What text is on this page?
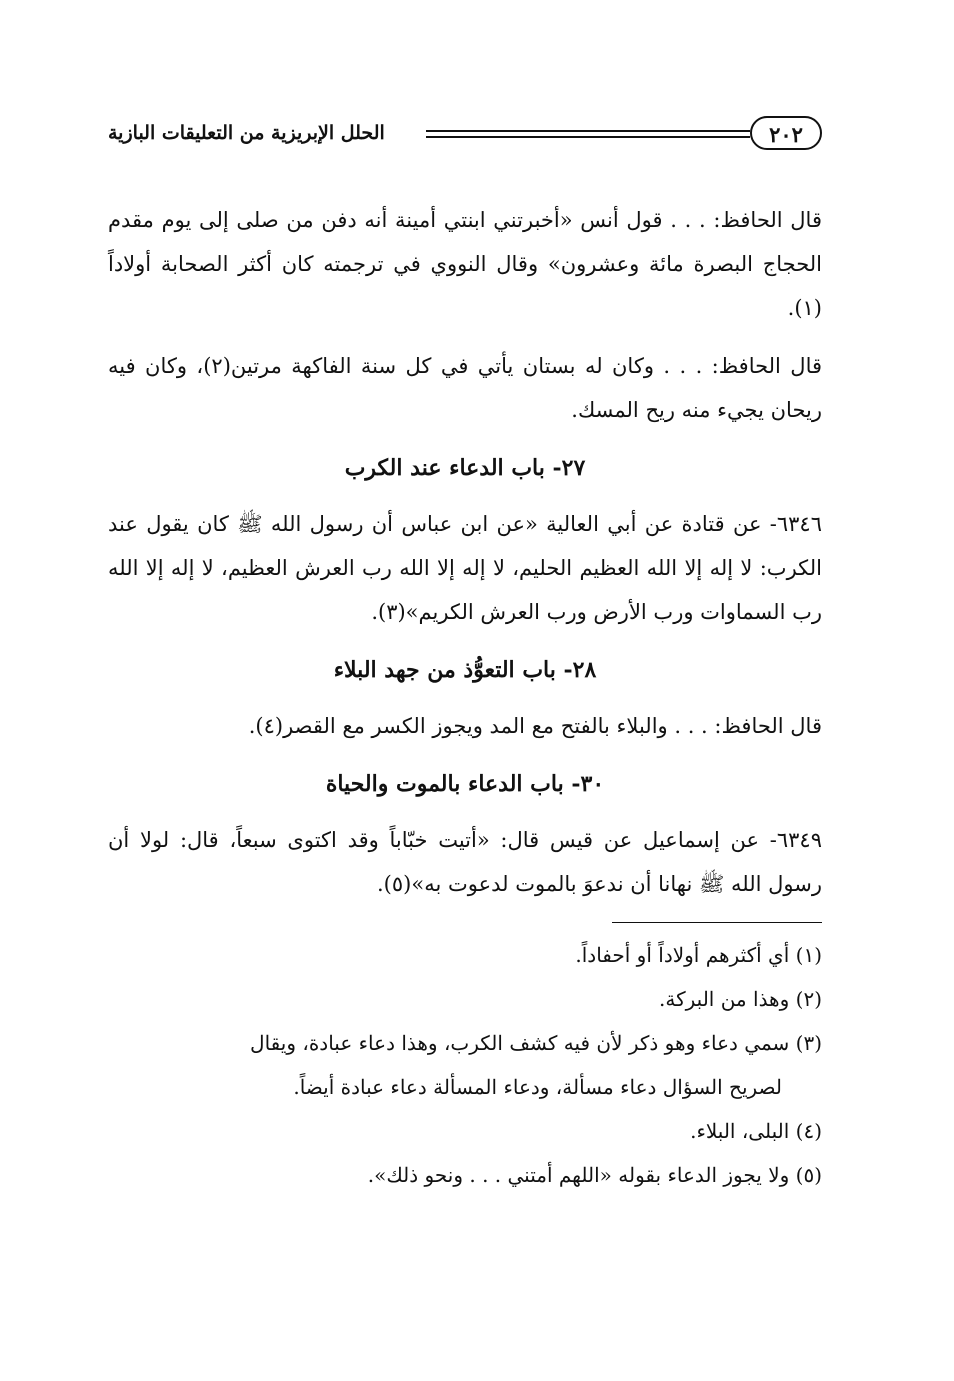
الحلل الإبريزية من التعليقات البازية	٢٠٢

قال الحافظ: . . . قول أنس «أخبرتني ابنتي أمينة أنه دفن من صلى إلى يوم مقدم الحجاج البصرة مائة وعشرون» وقال النووي في ترجمته كان أكثر الصحابة أولاداً (١).

قال الحافظ: . . . وكان له بستان يأتي في كل سنة الفاكهة مرتين(٢)، وكان فيه ريحان يجيء منه ريح المسك.

٢٧- باب الدعاء عند الكرب

٦٣٤٦- عن قتادة عن أبي العالية «عن ابن عباس أن رسول الله ﷺ كان يقول عند الكرب: لا إله إلا الله العظيم الحليم، لا إله إلا الله رب العرش العظيم، لا إله إلا الله رب السماوات ورب الأرض ورب العرش الكريم»(٣).

٢٨- باب التعوُّذ من جهد البلاء

قال الحافظ: . . . والبلاء بالفتح مع المد ويجوز الكسر مع القصر(٤).

٣٠- باب الدعاء بالموت والحياة

٦٣٤٩- عن إسماعيل عن قيس قال: «أتيت خبّاباً وقد اكتوى سبعاً، قال: لولا أن رسول الله ﷺ نهانا أن ندعوَ بالموت لدعوت به»(٥).

(١) أي أكثرهم أولاداً أو أحفاداً.

(٢) وهذا من البركة.

(٣) سمي دعاء وهو ذكر لأن فيه كشف الكرب، وهذا دعاء عبادة، ويقال

لصريح السؤال دعاء مسألة، ودعاء المسألة دعاء عبادة أيضاً.

(٤) البلى، البلاء.

(٥) ولا يجوز الدعاء بقوله «اللهم أمتني . . . ونحو ذلك».
